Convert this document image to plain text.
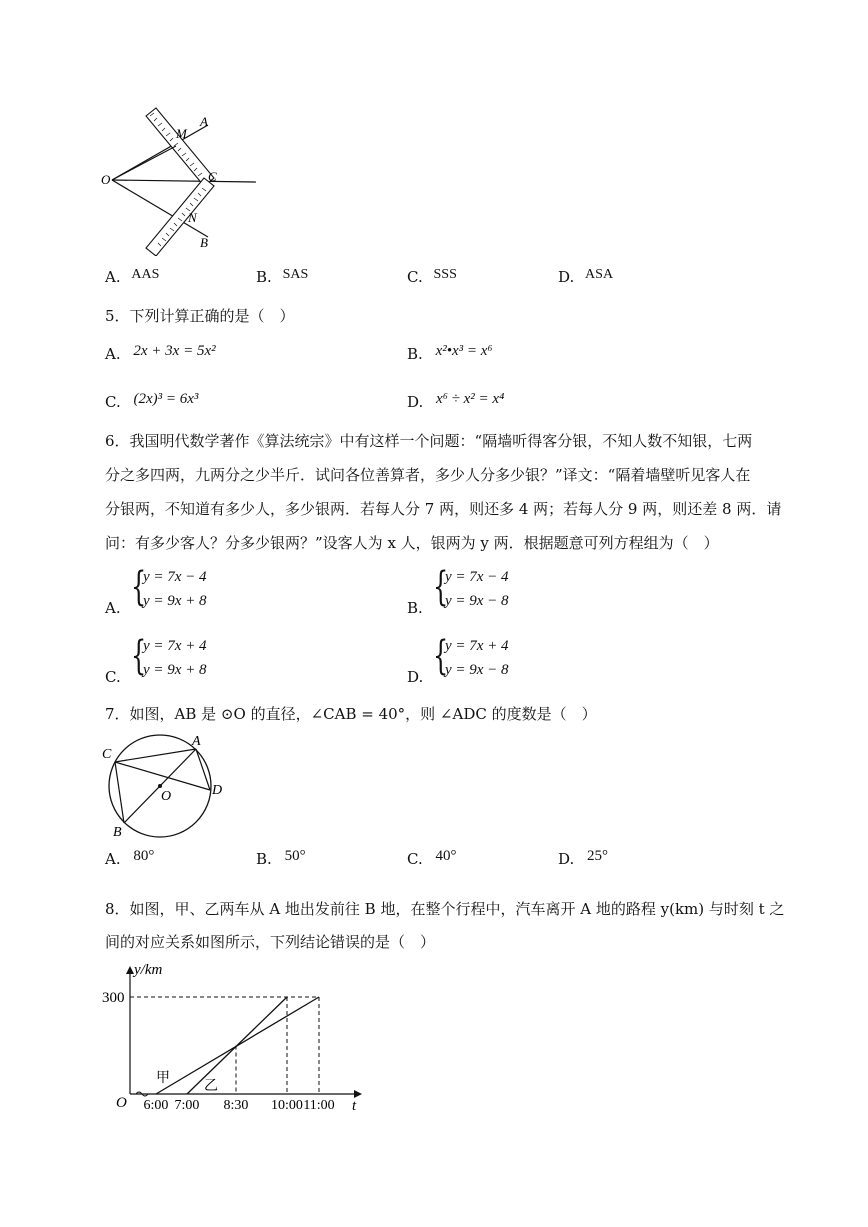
A
M
O	C
N
B
A. AAS	B. SAS	C. SSS	D. ASA
5．下列计算正确的是（　）
A. 2x + 3x = 5x²	B. x²•x³ = x⁶
C. (2x)³ = 6x³	D. x⁶ ÷ x² = x⁴
6．我国明代数学著作《算法统宗》中有这样一个问题：“隔墙听得客分银，不知人数不知银，七两
分之多四两，九两分之少半斤．试问各位善算者，多少人分多少银？”译文：“隔着墙壁听见客人在
分银两，不知道有多少人，多少银两．若每人分 7 两，则还多 4 两；若每人分 9 两，则还差 8 两．请
问：有多少客人？分多少银两？”设客人为 x 人，银两为 y 两．根据题意可列方程组为（　）
A. {
y = 7x − 4
y = 9x + 8	B. {
y = 7x − 4
y = 9x − 8
C. {
y = 7x + 4
y = 9x + 8	D. {
y = 7x + 4
y = 9x − 8
7．如图，AB 是 ⊙O 的直径，∠CAB = 40°，则 ∠ADC 的度数是（　）
C
A
O	D
B
A. 80°	B. 50°	C. 40°	D. 25°
8．如图，甲、乙两车从 A 地出发前往 B 地，在整个行程中，汽车离开 A 地的路程 y(km) 与时刻 t 之
间的对应关系如图所示，下列结论错误的是（　）
y/km
t
O
300
6:00 7:00 8:30 10:00 11:00
甲
乙
